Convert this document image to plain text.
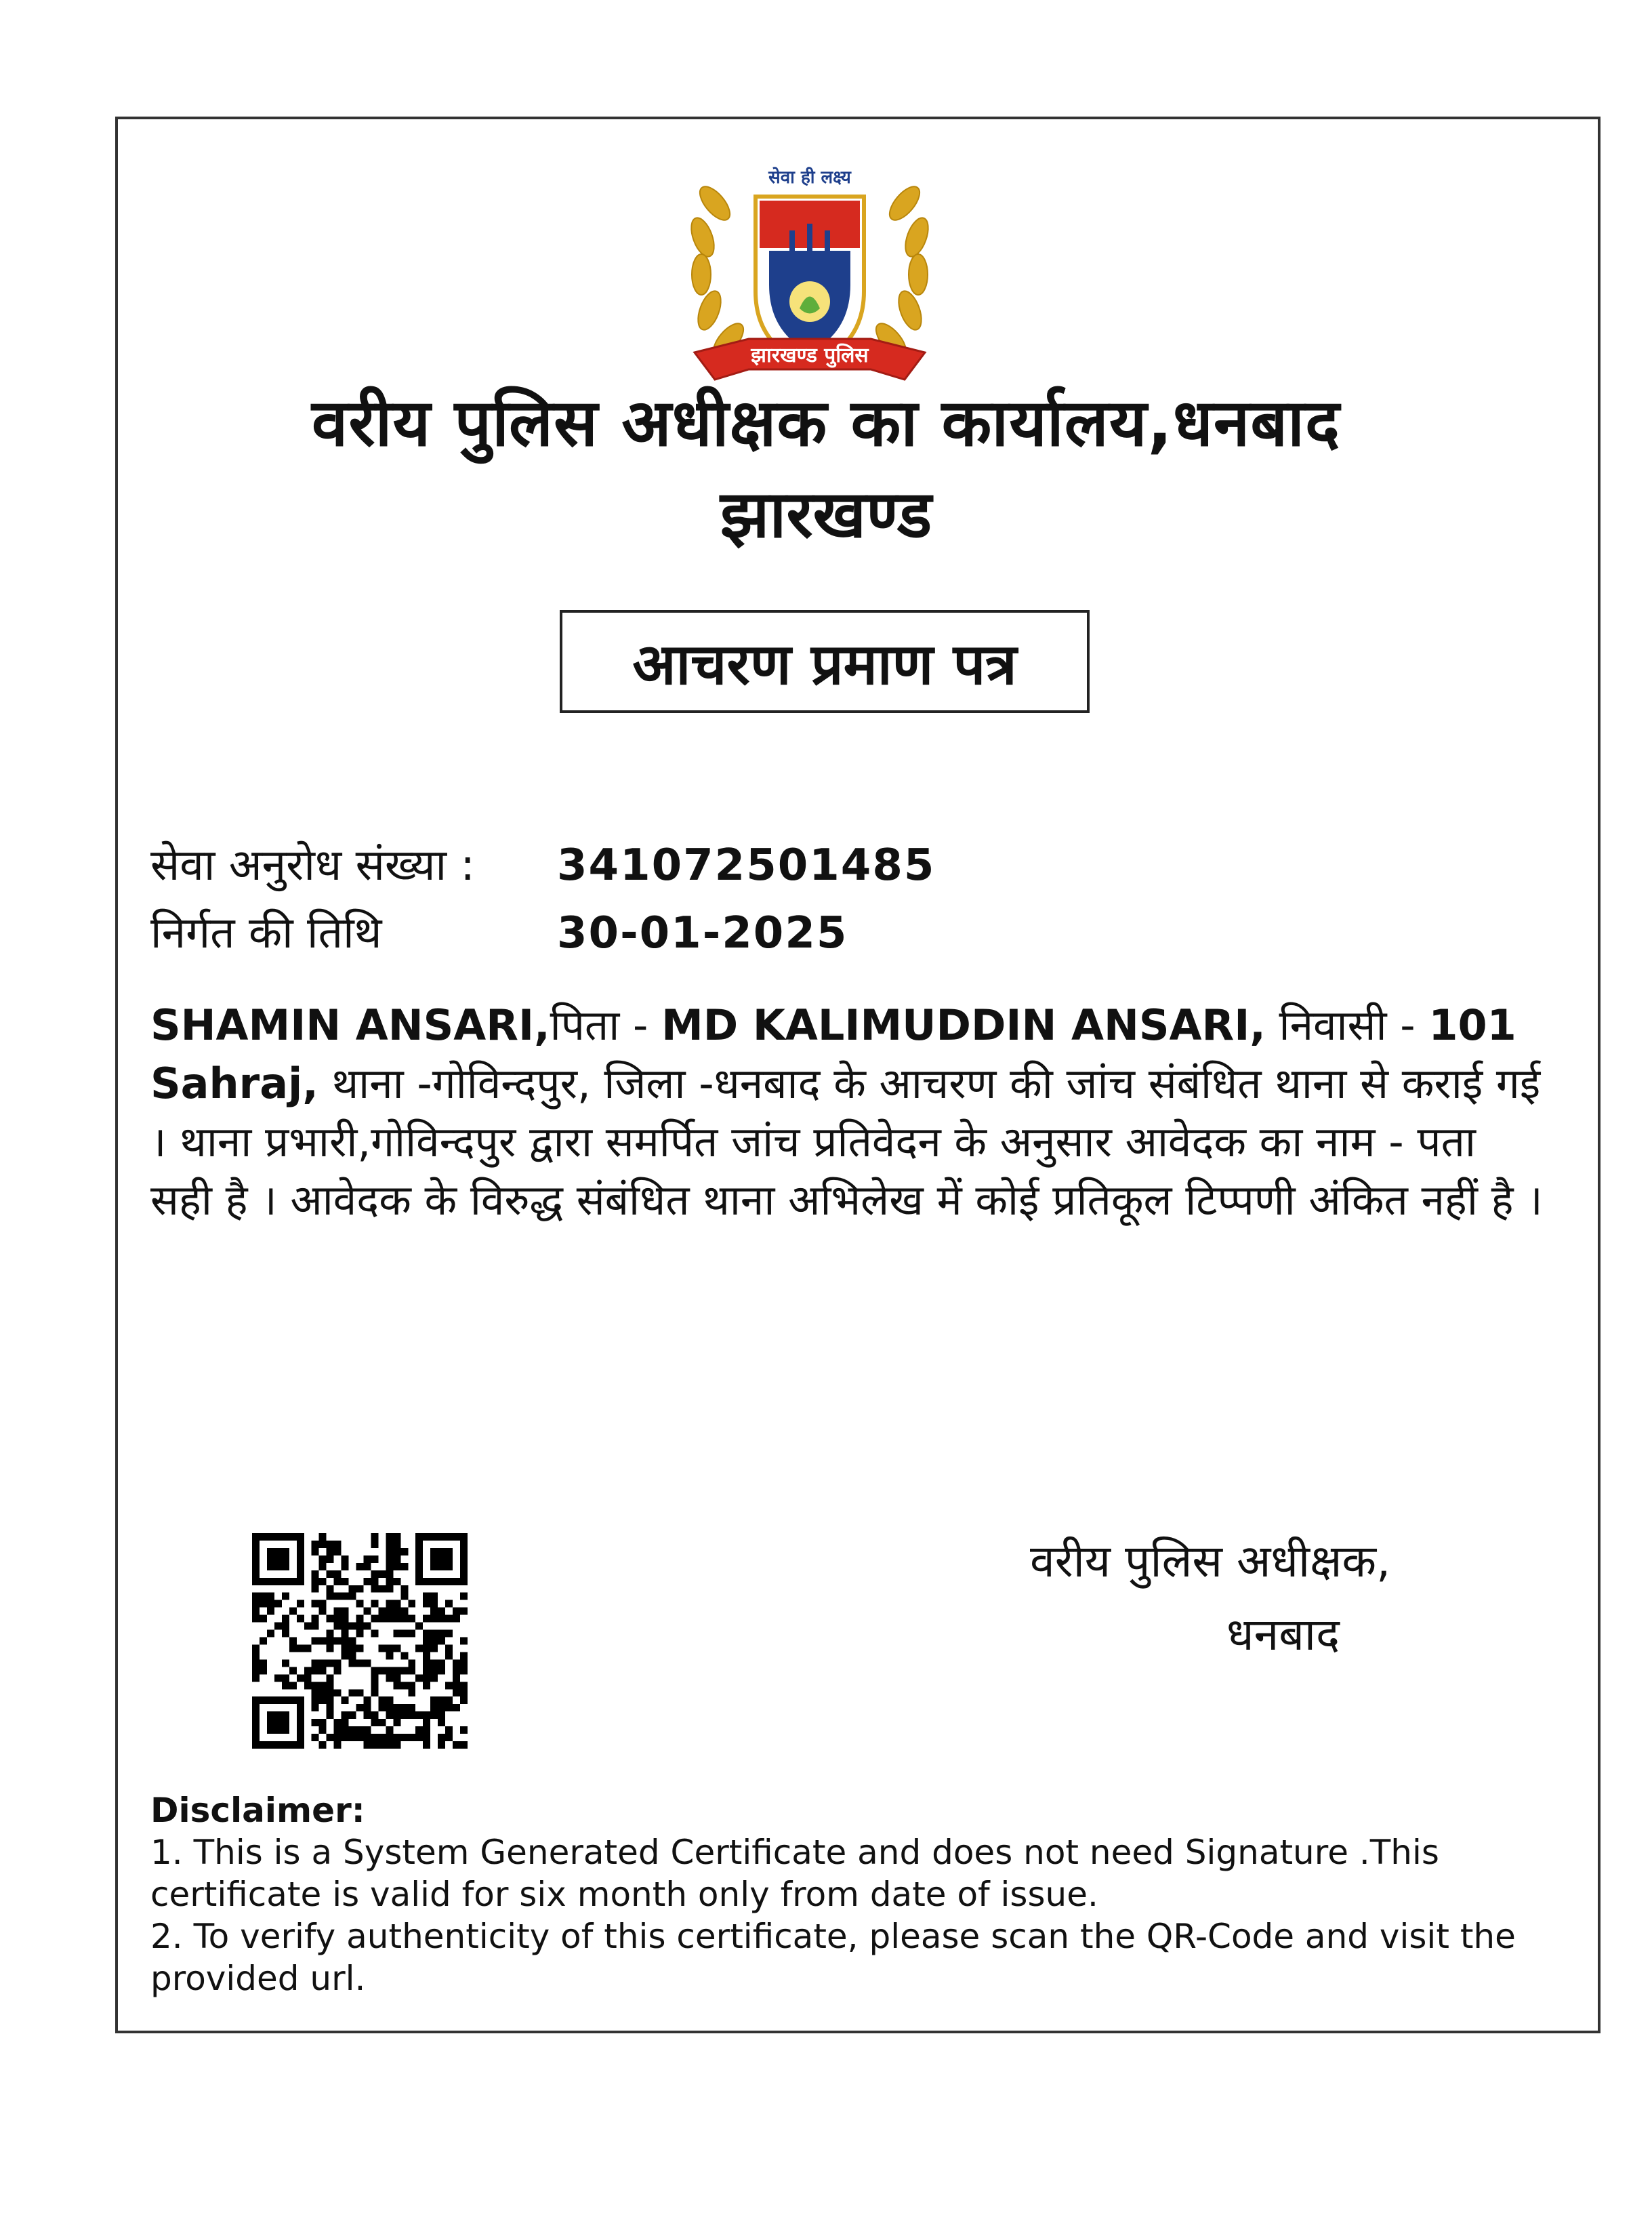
झारखण्ड पुलिस
सेवा ही लक्ष्य
वरीय पुलिस अधीक्षक का कार्यालय,धनबाद
झारखण्ड
आचरण प्रमाण पत्र
सेवा अनुरोध संख्या : 341072501485
निर्गत की तिथि	30-01-2025
SHAMIN ANSARI,पिता - MD KALIMUDDIN ANSARI, निवासी - 101 Sahraj, थाना -गोविन्दपुर, जिला -धनबाद के आचरण की जांच संबंधित थाना से कराई गई । थाना प्रभारी,गोविन्दपुर द्वारा समर्पित जांच प्रतिवेदन के अनुसार आवेदक का नाम - पता सही है । आवेदक के विरुद्ध संबंधित थाना अभिलेख में कोई प्रतिकूल टिप्पणी अंकित नहीं है ।
वरीय पुलिस अधीक्षक,
धनबाद
Disclaimer:
1. This is a System Generated Certificate and does not need Signature .This certificate is valid for six month only from date of issue.
2. To verify authenticity of this certificate, please scan the QR-Code and visit the provided url.
